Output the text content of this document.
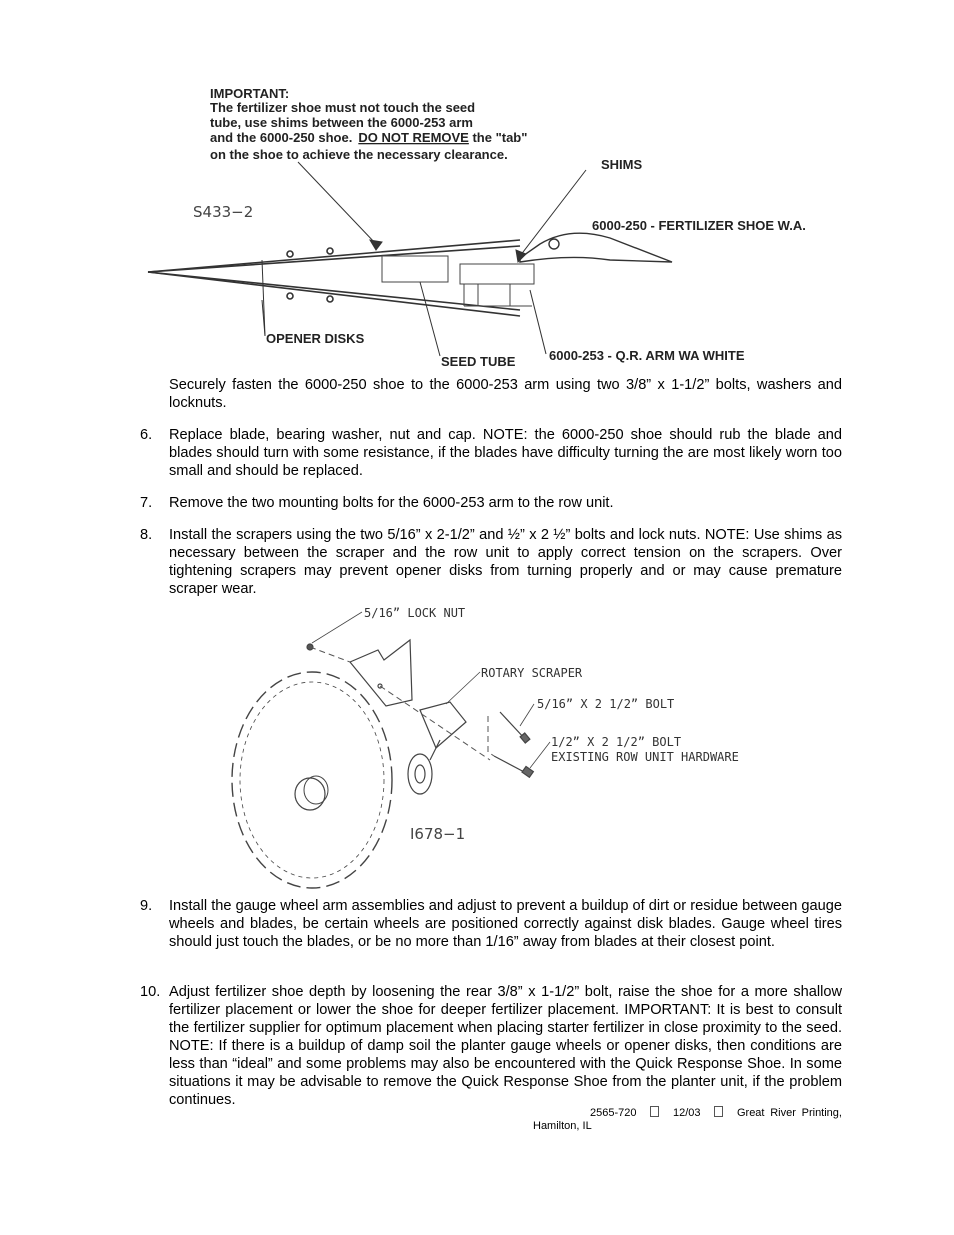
IMPORTANT:
The fertilizer shoe must not touch the seed
tube, use shims between the 6000-253 arm
and the 6000-250 shoe. DO NOT REMOVE the "tab"
on the shoe to achieve the necessary clearance.
SHIMS
6000-250 - FERTILIZER SHOE W.A.
S433−2
OPENER DISKS
SEED TUBE	6000-253 - Q.R. ARM WA WHITE
Securely fasten the 6000-250 shoe to the 6000-253 arm using two 3/8” x 1-1/2” bolts, washers and locknuts.
6. Replace blade, bearing washer, nut and cap. NOTE: the 6000-250 shoe should rub the blade and blades should turn with some resistance, if the blades have difficulty turning the are most likely worn too small and should be replaced.
7. Remove the two mounting bolts for the 6000-253 arm to the row unit.
8. Install the scrapers using the two 5/16” x 2-1/2” and ½” x 2 ½” bolts and lock nuts. NOTE: Use shims as necessary between the scraper and the row unit to apply correct tension on the scrapers. Over tightening scrapers may prevent opener disks from turning properly and or may cause premature scraper wear.
5/16” LOCK NUT
ROTARY SCRAPER
5/16” X 2 1/2” BOLT
1/2” X 2 1/2” BOLT
EXISTING ROW UNIT HARDWARE
I678−1
9. Install the gauge wheel arm assemblies and adjust to prevent a buildup of dirt or residue between gauge wheels and blades, be certain wheels are positioned correctly against disk blades. Gauge wheel tires should just touch the blades, or be no more than 1/16” away from blades at their closest point.
10. Adjust fertilizer shoe depth by loosening the rear 3/8” x 1-1/2” bolt, raise the shoe for a more shallow fertilizer placement or lower the shoe for deeper fertilizer placement. IMPORTANT: It is best to consult the fertilizer supplier for optimum placement when placing starter fertilizer in close proximity to the seed. NOTE: If there is a buildup of damp soil the planter gauge wheels or opener disks, then conditions are less than “ideal” and some problems may also be encountered with the Quick Response Shoe. In some situations it may be advisable to remove the Quick Response Shoe from the planter unit, if the problem continues.
2565-720	12/03	Great River Printing,
Hamilton, IL
